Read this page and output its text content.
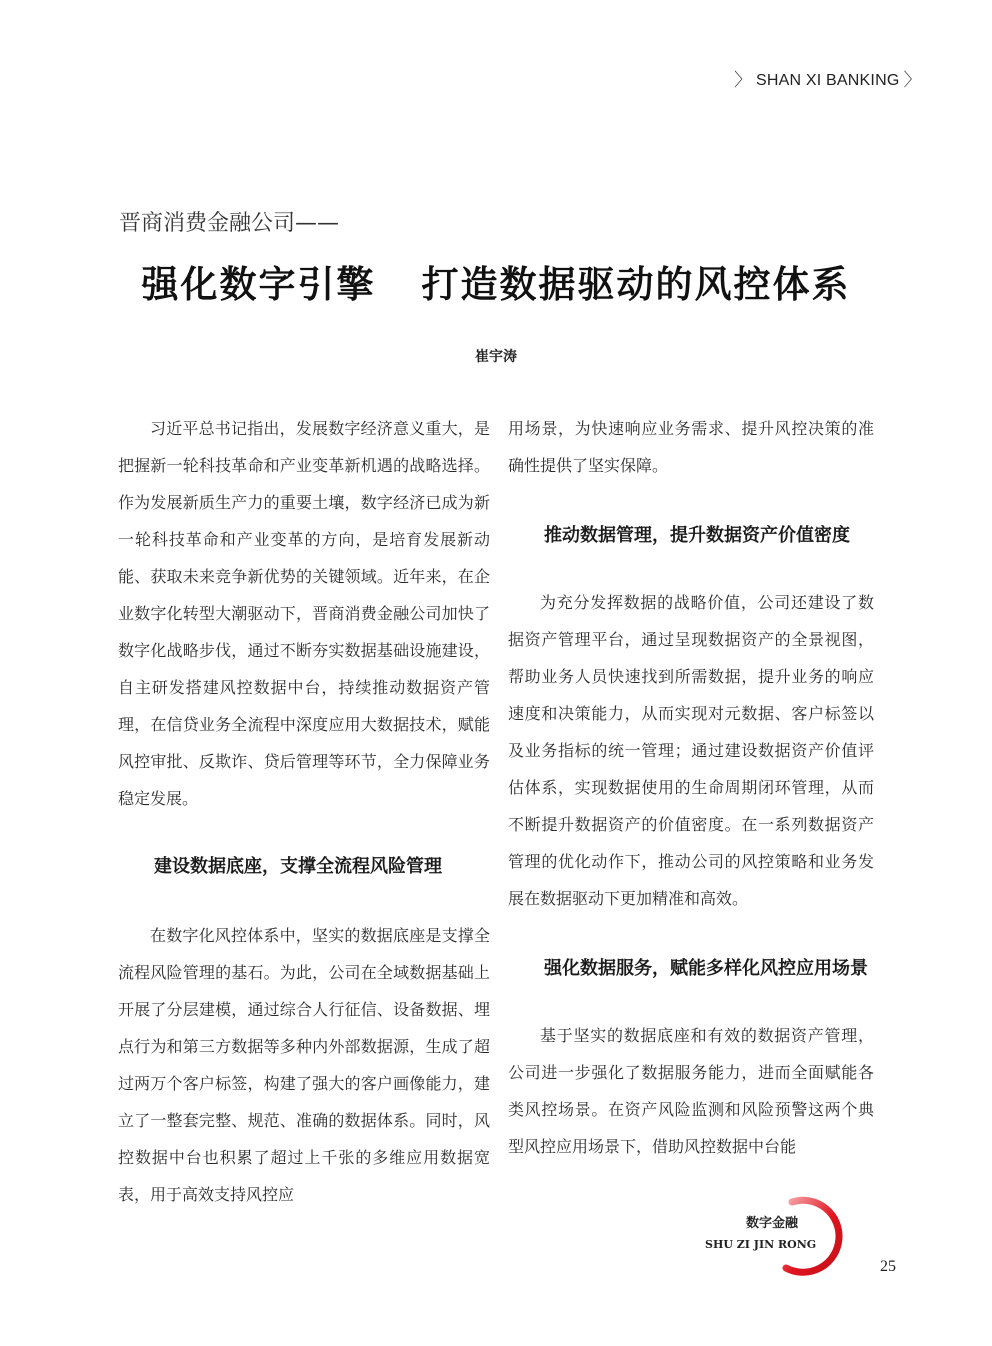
〉 SHAN XI BANKING 〉
晋商消费金融公司——
强化数字引擎 打造数据驱动的风控体系
崔宇涛

习近平总书记指出，发展数字经济意义重大，是把握新一轮科技革命和产业变革新机遇的战略选择。作为发展新质生产力的重要土壤，数字经济已成为新一轮科技革命和产业变革的方向，是培育发展新动能、获取未来竞争新优势的关键领域。近年来，在企业数字化转型大潮驱动下，晋商消费金融公司加快了数字化战略步伐，通过不断夯实数据基础设施建设，自主研发搭建风控数据中台，持续推动数据资产管理，在信贷业务全流程中深度应用大数据技术，赋能风控审批、反欺诈、贷后管理等环节，全力保障业务稳定发展。

建设数据底座，支撑全流程风险管理

在数字化风控体系中，坚实的数据底座是支撑全流程风险管理的基石。为此，公司在全域数据基础上开展了分层建模，通过综合人行征信、设备数据、埋点行为和第三方数据等多种内外部数据源，生成了超过两万个客户标签，构建了强大的客户画像能力，建立了一整套完整、规范、准确的数据体系。同时，风控数据中台也积累了超过上千张的多维应用数据宽表，用于高效支持风控应

用场景，为快速响应业务需求、提升风控决策的准确性提供了坚实保障。

推动数据管理，提升数据资产价值密度

为充分发挥数据的战略价值，公司还建设了数据资产管理平台，通过呈现数据资产的全景视图，帮助业务人员快速找到所需数据，提升业务的响应速度和决策能力，从而实现对元数据、客户标签以及业务指标的统一管理；通过建设数据资产价值评估体系，实现数据使用的生命周期闭环管理，从而不断提升数据资产的价值密度。在一系列数据资产管理的优化动作下，推动公司的风控策略和业务发展在数据驱动下更加精准和高效。

强化数据服务，赋能多样化风控应用场景

基于坚实的数据底座和有效的数据资产管理，公司进一步强化了数据服务能力，进而全面赋能各类风控场景。在资产风险监测和风险预警这两个典型风控应用场景下，借助风控数据中台能

数字金融
SHU ZI JIN RONG
25
